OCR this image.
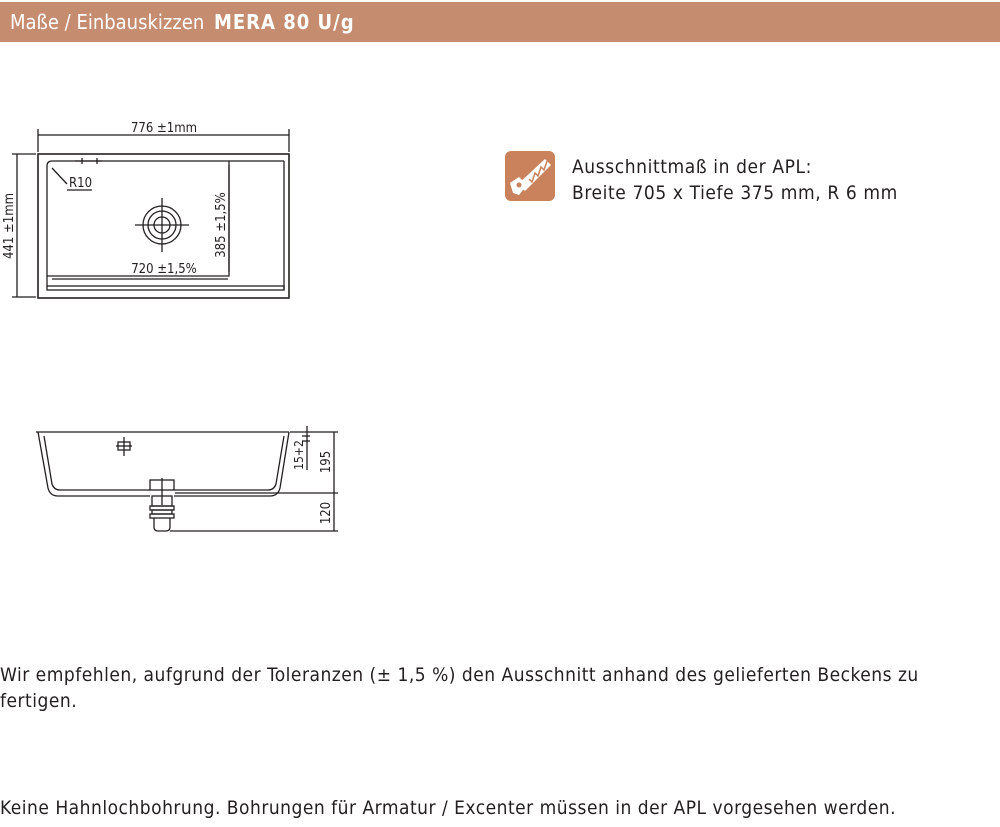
Maße / Einbauskizzen MERA 80 U/g
776 ±1mm
441 ±1mm
R10
720 ±1,5%
385 ±1,5%
195
15+2
120
Ausschnittmaß in der APL:
Breite 705 x Tiefe 375 mm, R 6 mm
Wir empfehlen, aufgrund der Toleranzen (± 1,5 %) den Ausschnitt anhand des gelieferten Beckens zu fertigen.
Keine Hahnlochbohrung. Bohrungen für Armatur / Excenter müssen in der APL vorgesehen werden.
